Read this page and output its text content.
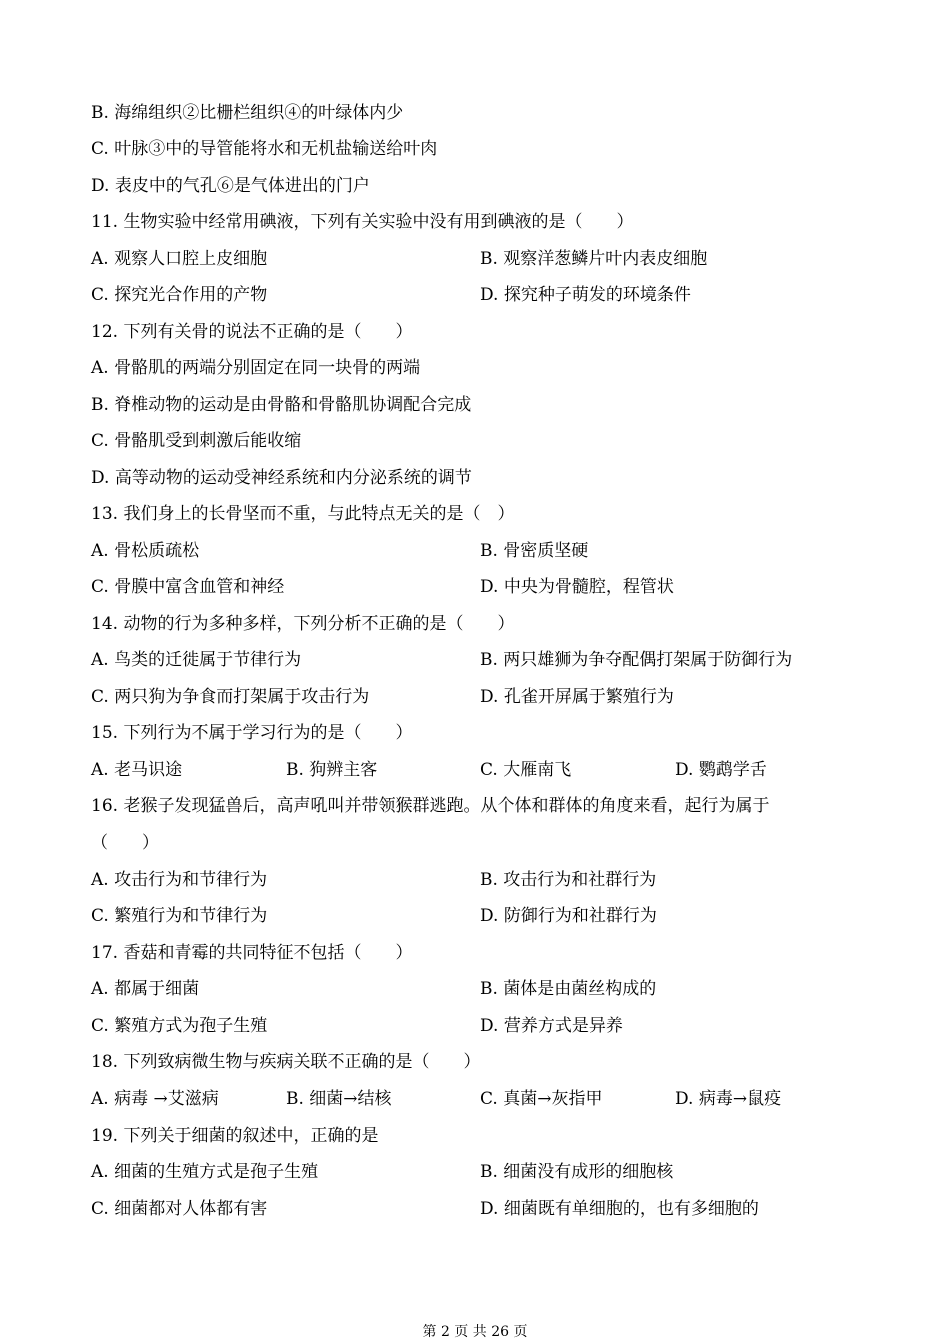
B. 海绵组织②比栅栏组织④的叶绿体内少
C. 叶脉③中的导管能将水和无机盐输送给叶肉
D. 表皮中的气孔⑥是气体进出的门户
11. 生物实验中经常用碘液，下列有关实验中没有用到碘液的是（　　）
A. 观察人口腔上皮细胞	B. 观察洋葱鳞片叶内表皮细胞
C. 探究光合作用的产物	D. 探究种子萌发的环境条件
12. 下列有关骨的说法不正确的是（　　）
A. 骨骼肌的两端分别固定在同一块骨的两端
B. 脊椎动物的运动是由骨骼和骨骼肌协调配合完成
C. 骨骼肌受到刺激后能收缩
D. 高等动物的运动受神经系统和内分泌系统的调节
13. 我们身上的长骨坚而不重，与此特点无关的是（　）
A. 骨松质疏松	B. 骨密质坚硬
C. 骨膜中富含血管和神经	D. 中央为骨髓腔，程管状
14. 动物的行为多种多样，下列分析不正确的是（　　）
A. 鸟类的迁徙属于节律行为	B. 两只雄狮为争夺配偶打架属于防御行为
C. 两只狗为争食而打架属于攻击行为	D. 孔雀开屏属于繁殖行为
15. 下列行为不属于学习行为的是（　　）
A. 老马识途	B. 狗辨主客	C. 大雁南飞	D. 鹦鹉学舌
16. 老猴子发现猛兽后，高声吼叫并带领猴群逃跑。从个体和群体的角度来看，起行为属于
（　　）
A. 攻击行为和节律行为	B. 攻击行为和社群行为
C. 繁殖行为和节律行为	D. 防御行为和社群行为
17. 香菇和青霉的共同特征不包括（　　）
A. 都属于细菌	B. 菌体是由菌丝构成的
C. 繁殖方式为孢子生殖	D. 营养方式是异养
18. 下列致病微生物与疾病关联不正确的是（　　）
A. 病毒 →艾滋病	B. 细菌→结核	C. 真菌→灰指甲	D. 病毒→鼠疫
19. 下列关于细菌的叙述中，正确的是
A. 细菌的生殖方式是孢子生殖	B. 细菌没有成形的细胞核
C. 细菌都对人体都有害	D. 细菌既有单细胞的，也有多细胞的
第 2 页 共 26 页
